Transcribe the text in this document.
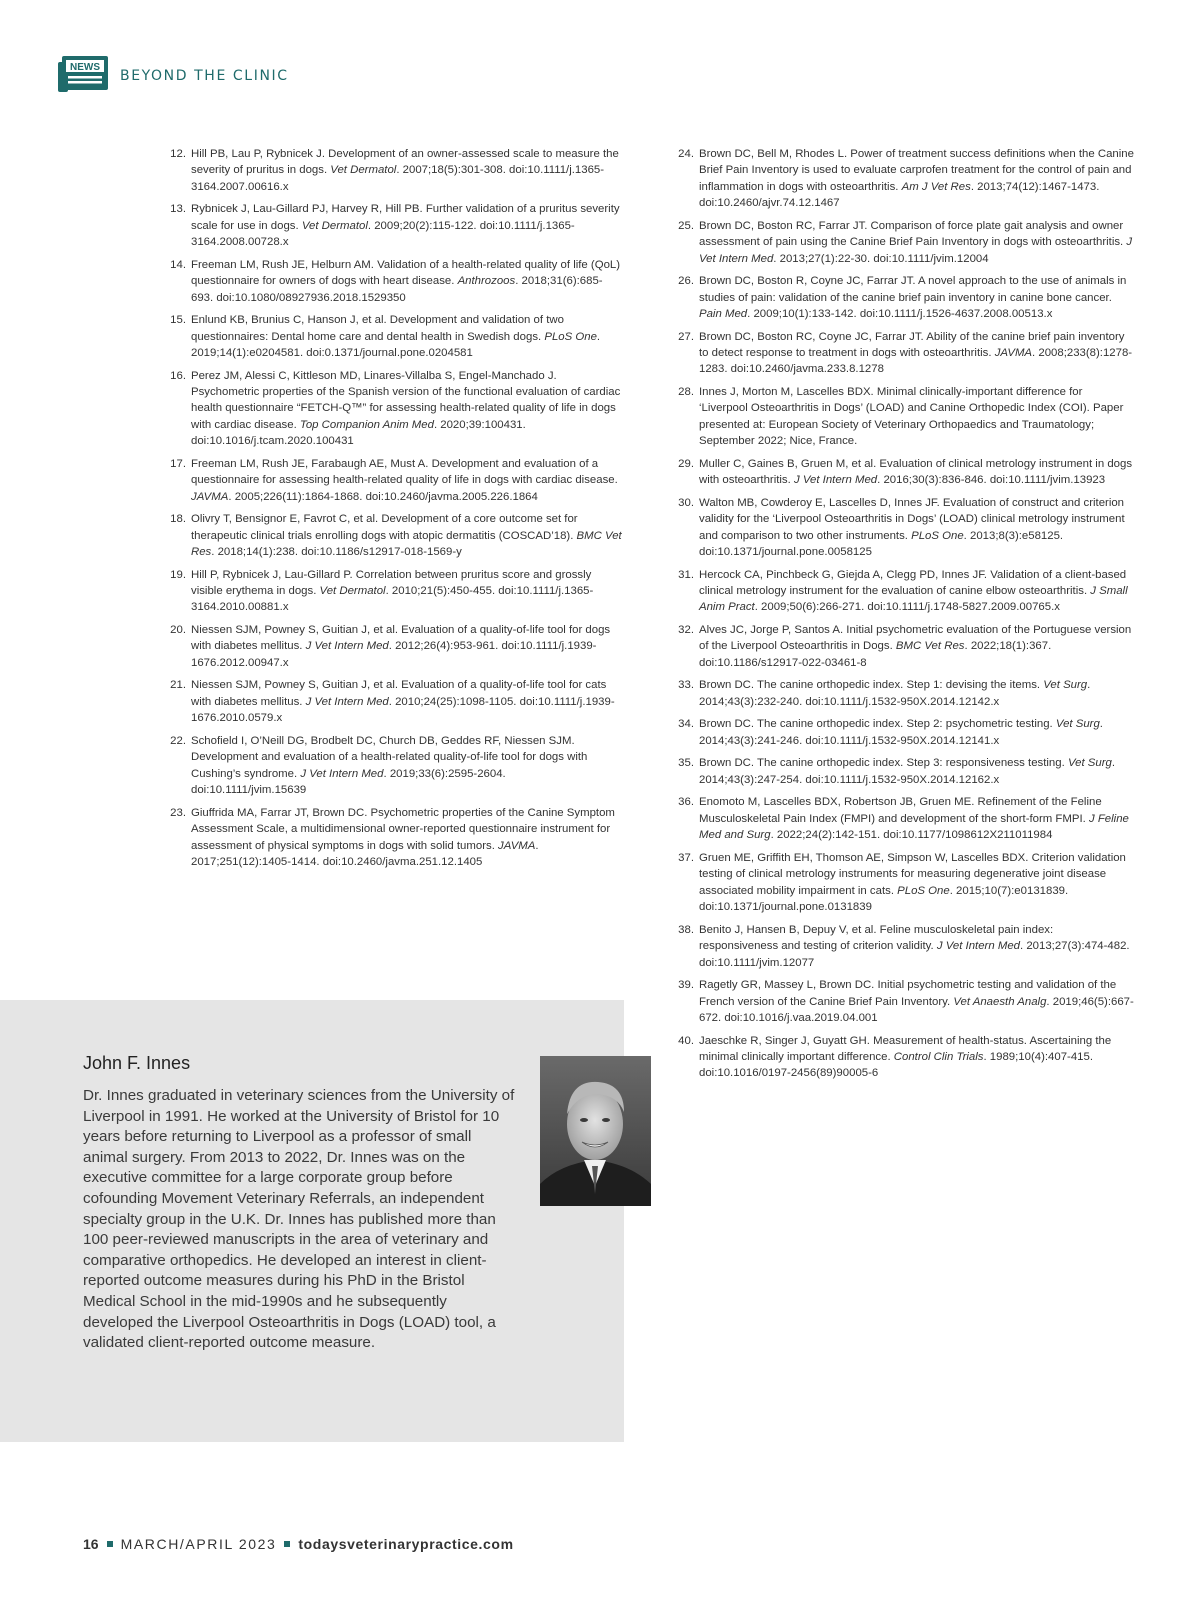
NEWS
BEYOND THE CLINIC
12. Hill PB, Lau P, Rybnicek J. Development of an owner-assessed scale to measure the severity of pruritus in dogs. Vet Dermatol. 2007;18(5):301-308. doi:10.1111/j.1365-3164.2007.00616.x
13. Rybnicek J, Lau-Gillard PJ, Harvey R, Hill PB. Further validation of a pruritus severity scale for use in dogs. Vet Dermatol. 2009;20(2):115-122. doi:10.1111/j.1365-3164.2008.00728.x
14. Freeman LM, Rush JE, Helburn AM. Validation of a health-related quality of life (QoL) questionnaire for owners of dogs with heart disease. Anthrozoos. 2018;31(6):685-693. doi:10.1080/08927936.2018.1529350
15. Enlund KB, Brunius C, Hanson J, et al. Development and validation of two questionnaires: Dental home care and dental health in Swedish dogs. PLoS One. 2019;14(1):e0204581. doi:0.1371/journal.pone.0204581
16. Perez JM, Alessi C, Kittleson MD, Linares-Villalba S, Engel-Manchado J. Psychometric properties of the Spanish version of the functional evaluation of cardiac health questionnaire “FETCH-Q™” for assessing health-related quality of life in dogs with cardiac disease. Top Companion Anim Med. 2020;39:100431. doi:10.1016/j.tcam.2020.100431
17. Freeman LM, Rush JE, Farabaugh AE, Must A. Development and evaluation of a questionnaire for assessing health-related quality of life in dogs with cardiac disease. JAVMA. 2005;226(11):1864-1868. doi:10.2460/javma.2005.226.1864
18. Olivry T, Bensignor E, Favrot C, et al. Development of a core outcome set for therapeutic clinical trials enrolling dogs with atopic dermatitis (COSCAD’18). BMC Vet Res. 2018;14(1):238. doi:10.1186/s12917-018-1569-y
19. Hill P, Rybnicek J, Lau-Gillard P. Correlation between pruritus score and grossly visible erythema in dogs. Vet Dermatol. 2010;21(5):450-455. doi:10.1111/j.1365-3164.2010.00881.x
20. Niessen SJM, Powney S, Guitian J, et al. Evaluation of a quality-of-life tool for dogs with diabetes mellitus. J Vet Intern Med. 2012;26(4):953-961. doi:10.1111/j.1939-1676.2012.00947.x
21. Niessen SJM, Powney S, Guitian J, et al. Evaluation of a quality-of-life tool for cats with diabetes mellitus. J Vet Intern Med. 2010;24(25):1098-1105. doi:10.1111/j.1939-1676.2010.0579.x
22. Schofield I, O’Neill DG, Brodbelt DC, Church DB, Geddes RF, Niessen SJM. Development and evaluation of a health-related quality-of-life tool for dogs with Cushing’s syndrome. J Vet Intern Med. 2019;33(6):2595-2604. doi:10.1111/jvim.15639
23. Giuffrida MA, Farrar JT, Brown DC. Psychometric properties of the Canine Symptom Assessment Scale, a multidimensional owner-reported questionnaire instrument for assessment of physical symptoms in dogs with solid tumors. JAVMA. 2017;251(12):1405-1414. doi:10.2460/javma.251.12.1405
24. Brown DC, Bell M, Rhodes L. Power of treatment success definitions when the Canine Brief Pain Inventory is used to evaluate carprofen treatment for the control of pain and inflammation in dogs with osteoarthritis. Am J Vet Res. 2013;74(12):1467-1473. doi:10.2460/ajvr.74.12.1467
25. Brown DC, Boston RC, Farrar JT. Comparison of force plate gait analysis and owner assessment of pain using the Canine Brief Pain Inventory in dogs with osteoarthritis. J Vet Intern Med. 2013;27(1):22-30. doi:10.1111/jvim.12004
26. Brown DC, Boston R, Coyne JC, Farrar JT. A novel approach to the use of animals in studies of pain: validation of the canine brief pain inventory in canine bone cancer. Pain Med. 2009;10(1):133-142. doi:10.1111/j.1526-4637.2008.00513.x
27. Brown DC, Boston RC, Coyne JC, Farrar JT. Ability of the canine brief pain inventory to detect response to treatment in dogs with osteoarthritis. JAVMA. 2008;233(8):1278-1283. doi:10.2460/javma.233.8.1278
28. Innes J, Morton M, Lascelles BDX. Minimal clinically-important difference for ‘Liverpool Osteoarthritis in Dogs’ (LOAD) and Canine Orthopedic Index (COI). Paper presented at: European Society of Veterinary Orthopaedics and Traumatology; September 2022; Nice, France.
29. Muller C, Gaines B, Gruen M, et al. Evaluation of clinical metrology instrument in dogs with osteoarthritis. J Vet Intern Med. 2016;30(3):836-846. doi:10.1111/jvim.13923
30. Walton MB, Cowderoy E, Lascelles D, Innes JF. Evaluation of construct and criterion validity for the ‘Liverpool Osteoarthritis in Dogs’ (LOAD) clinical metrology instrument and comparison to two other instruments. PLoS One. 2013;8(3):e58125. doi:10.1371/journal.pone.0058125
31. Hercock CA, Pinchbeck G, Giejda A, Clegg PD, Innes JF. Validation of a client-based clinical metrology instrument for the evaluation of canine elbow osteoarthritis. J Small Anim Pract. 2009;50(6):266-271. doi:10.1111/j.1748-5827.2009.00765.x
32. Alves JC, Jorge P, Santos A. Initial psychometric evaluation of the Portuguese version of the Liverpool Osteoarthritis in Dogs. BMC Vet Res. 2022;18(1):367. doi:10.1186/s12917-022-03461-8
33. Brown DC. The canine orthopedic index. Step 1: devising the items. Vet Surg. 2014;43(3):232-240. doi:10.1111/j.1532-950X.2014.12142.x
34. Brown DC. The canine orthopedic index. Step 2: psychometric testing. Vet Surg. 2014;43(3):241-246. doi:10.1111/j.1532-950X.2014.12141.x
35. Brown DC. The canine orthopedic index. Step 3: responsiveness testing. Vet Surg. 2014;43(3):247-254. doi:10.1111/j.1532-950X.2014.12162.x
36. Enomoto M, Lascelles BDX, Robertson JB, Gruen ME. Refinement of the Feline Musculoskeletal Pain Index (FMPI) and development of the short-form FMPI. J Feline Med and Surg. 2022;24(2):142-151. doi:10.1177/1098612X211011984
37. Gruen ME, Griffith EH, Thomson AE, Simpson W, Lascelles BDX. Criterion validation testing of clinical metrology instruments for measuring degenerative joint disease associated mobility impairment in cats. PLoS One. 2015;10(7):e0131839. doi:10.1371/journal.pone.0131839
38. Benito J, Hansen B, Depuy V, et al. Feline musculoskeletal pain index: responsiveness and testing of criterion validity. J Vet Intern Med. 2013;27(3):474-482. doi:10.1111/jvim.12077
39. Ragetly GR, Massey L, Brown DC. Initial psychometric testing and validation of the French version of the Canine Brief Pain Inventory. Vet Anaesth Analg. 2019;46(5):667-672. doi:10.1016/j.vaa.2019.04.001
40. Jaeschke R, Singer J, Guyatt GH. Measurement of health-status. Ascertaining the minimal clinically important difference. Control Clin Trials. 1989;10(4):407-415. doi:10.1016/0197-2456(89)90005-6
John F. Innes
Dr. Innes graduated in veterinary sciences from the University of Liverpool in 1991. He worked at the University of Bristol for 10 years before returning to Liverpool as a professor of small animal surgery. From 2013 to 2022, Dr. Innes was on the executive committee for a large corporate group before cofounding Movement Veterinary Referrals, an independent specialty group in the U.K. Dr. Innes has published more than 100 peer-reviewed manuscripts in the area of veterinary and comparative orthopedics. He developed an interest in client-reported outcome measures during his PhD in the Bristol Medical School in the mid-1990s and he subsequently developed the Liverpool Osteoarthritis in Dogs (LOAD) tool, a validated client-reported outcome measure.
16 MARCH/APRIL 2023 todaysveterinarypractice.com
